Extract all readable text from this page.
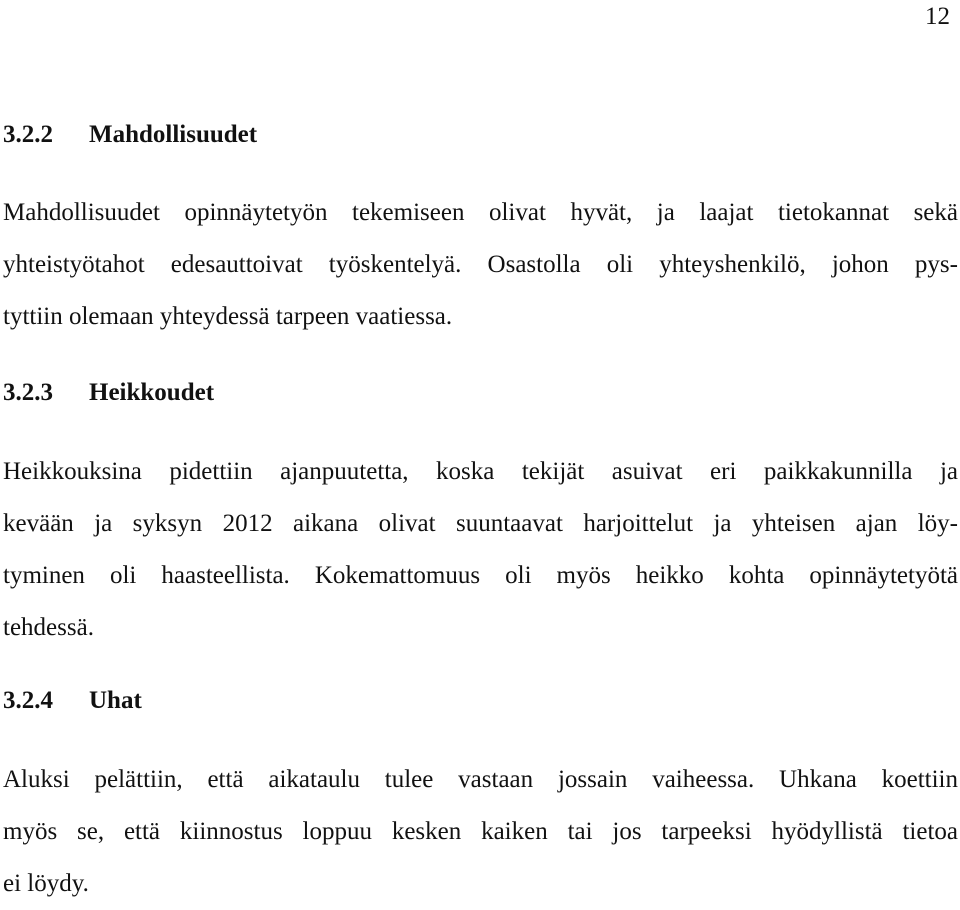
12
3.2.2 Mahdollisuudet
Mahdollisuudet opinnäytetyön tekemiseen olivat hyvät, ja laajat tietokannat sekä
yhteistyötahot edesauttoivat työskentelyä. Osastolla oli yhteyshenkilö, johon pys-
tyttiin olemaan yhteydessä tarpeen vaatiessa.
3.2.3 Heikkoudet
Heikkouksina pidettiin ajanpuutetta, koska tekijät asuivat eri paikkakunnilla ja
kevään ja syksyn 2012 aikana olivat suuntaavat harjoittelut ja yhteisen ajan löy-
tyminen oli haasteellista. Kokemattomuus oli myös heikko kohta opinnäytetyötä
tehdessä.
3.2.4 Uhat
Aluksi pelättiin, että aikataulu tulee vastaan jossain vaiheessa. Uhkana koettiin
myös se, että kiinnostus loppuu kesken kaiken tai jos tarpeeksi hyödyllistä tietoa
ei löydy.
